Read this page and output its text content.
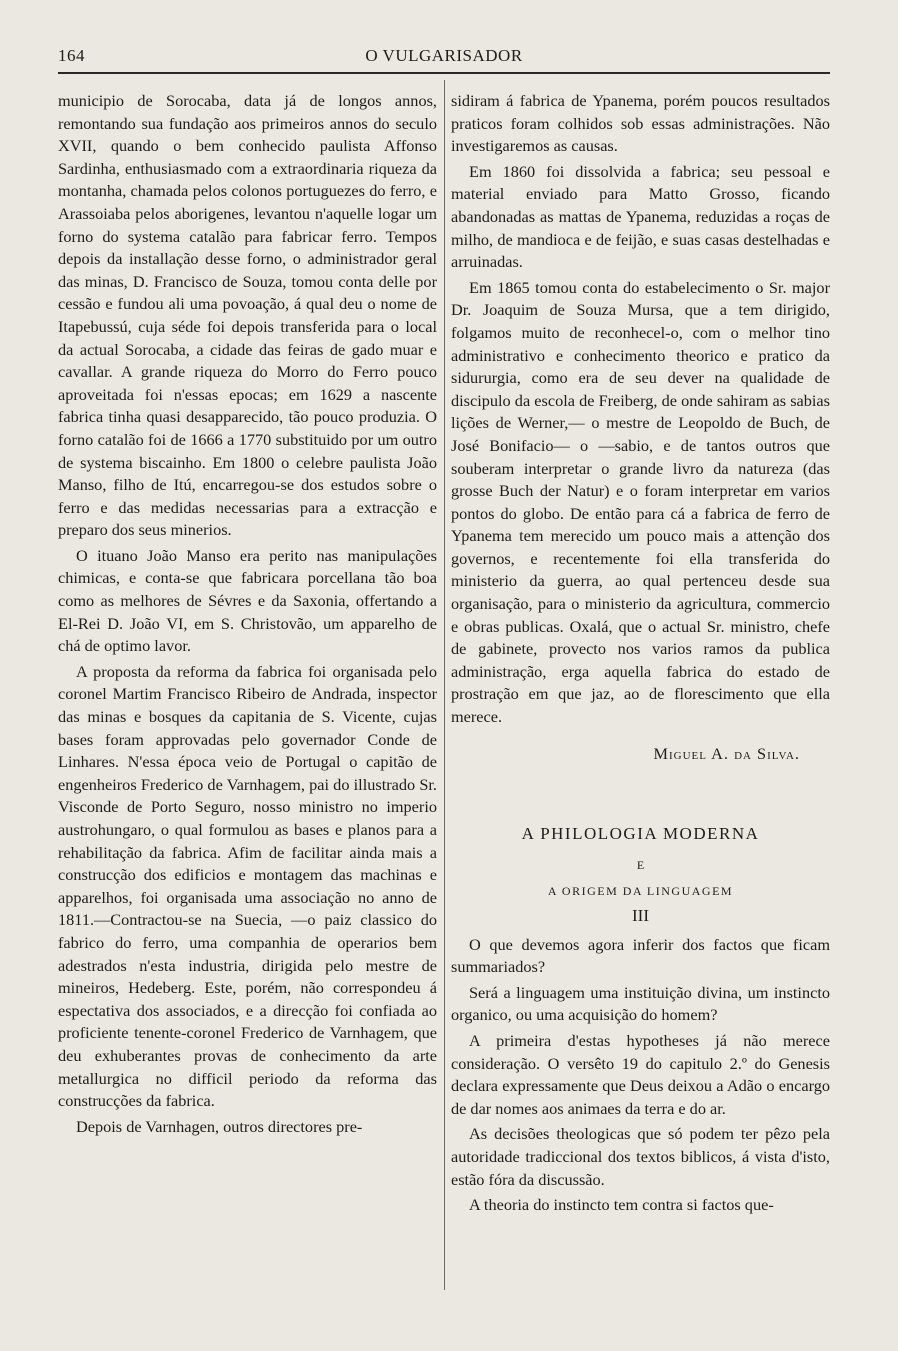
164	O VULGARISADOR

municipio de Sorocaba, data já de longos annos, remontando sua fundação aos primeiros annos do seculo XVII, quando o bem conhecido paulista Affonso Sardinha, enthusiasmado com a extraordinaria riqueza da montanha, chamada pelos colonos portuguezes do ferro, e Arassoiaba pelos aborigenes, levantou n'aquelle logar um forno do systema catalão para fabricar ferro. Tempos depois da installação desse forno, o administrador geral das minas, D. Francisco de Souza, tomou conta delle por cessão e fundou ali uma povoação, á qual deu o nome de Itapebussú, cuja séde foi depois transferida para o local da actual Sorocaba, a cidade das feiras de gado muar e cavallar. A grande riqueza do Morro do Ferro pouco aproveitada foi n'essas epocas; em 1629 a nascente fabrica tinha quasi desapparecido, tão pouco produzia. O forno catalão foi de 1666 a 1770 substituido por um outro de systema biscainho. Em 1800 o celebre paulista João Manso, filho de Itú, encarregou-se dos estudos sobre o ferro e das medidas necessarias para a extracção e preparo dos seus minerios.

O ituano João Manso era perito nas manipulações chimicas, e conta-se que fabricara porcellana tão boa como as melhores de Sévres e da Saxonia, offertando a El-Rei D. João VI, em S. Christovão, um apparelho de chá de optimo lavor.

A proposta da reforma da fabrica foi organisada pelo coronel Martim Francisco Ribeiro de Andrada, inspector das minas e bosques da capitania de S. Vicente, cujas bases foram approvadas pelo governador Conde de Linhares. N'essa época veio de Portugal o capitão de engenheiros Frederico de Varnhagem, pai do illustrado Sr. Visconde de Porto Seguro, nosso ministro no imperio austrohungaro, o qual formulou as bases e planos para a rehabilitação da fabrica. Afim de facilitar ainda mais a construcção dos edificios e montagem das machinas e apparelhos, foi organisada uma associação no anno de 1811.—Contractou-se na Suecia, —o paiz classico do fabrico do ferro, uma companhia de operarios bem adestrados n'esta industria, dirigida pelo mestre de mineiros, Hedeberg. Este, porém, não correspondeu á espectativa dos associados, e a direcção foi confiada ao proficiente tenente-coronel Frederico de Varnhagem, que deu exhuberantes provas de conhecimento da arte metallurgica no difficil periodo da reforma das construcções da fabrica.

Depois de Varnhagen, outros directores pre-

sidiram á fabrica de Ypanema, porém poucos resultados praticos foram colhidos sob essas administrações. Não investigaremos as causas.

Em 1860 foi dissolvida a fabrica; seu pessoal e material enviado para Matto Grosso, ficando abandonadas as mattas de Ypanema, reduzidas a roças de milho, de mandioca e de feijão, e suas casas destelhadas e arruinadas.

Em 1865 tomou conta do estabelecimento o Sr. major Dr. Joaquim de Souza Mursa, que a tem dirigido, folgamos muito de reconhecel-o, com o melhor tino administrativo e conhecimento theorico e pratico da sidururgia, como era de seu dever na qualidade de discipulo da escola de Freiberg, de onde sahiram as sabias lições de Werner,— o mestre de Leopoldo de Buch, de José Bonifacio— o —sabio, e de tantos outros que souberam interpretar o grande livro da natureza (das grosse Buch der Natur) e o foram interpretar em varios pontos do globo. De então para cá a fabrica de ferro de Ypanema tem merecido um pouco mais a attenção dos governos, e recentemente foi ella transferida do ministerio da guerra, ao qual pertenceu desde sua organisação, para o ministerio da agricultura, commercio e obras publicas. Oxalá, que o actual Sr. ministro, chefe de gabinete, provecto nos varios ramos da publica administração, erga aquella fabrica do estado de prostração em que jaz, ao de florescimento que ella merece.

Miguel A. da Silva.
A PHILOLOGIA MODERNA
E
A ORIGEM DA LINGUAGEM
III

O que devemos agora inferir dos factos que ficam summariados?

Será a linguagem uma instituição divina, um instincto organico, ou uma acquisição do homem?

A primeira d'estas hypotheses já não merece consideração. O versêto 19 do capitulo 2.º do Genesis declara expressamente que Deus deixou a Adão o encargo de dar nomes aos animaes da terra e do ar.

As decisões theologicas que só podem ter pêzo pela autoridade tradiccional dos textos biblicos, á vista d'isto, estão fóra da discussão.

A theoria do instincto tem contra si factos que-
